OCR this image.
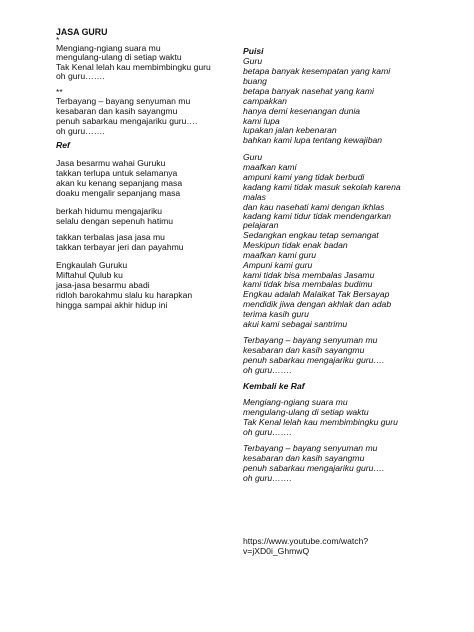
JASA GURU
*
Mengiang-ngiang suara mu
mengulang-ulang di setiap waktu
Tak Kenal lelah kau membimbingku guru
oh guru…….
**
Terbayang – bayang senyuman mu
kesabaran dan kasih sayangmu
penuh sabarkau mengajariku guru….
oh guru…….
Ref
Jasa besarmu wahai Guruku
takkan terlupa untuk selamanya
akan ku kenang sepanjang masa
doaku mengalir sepanjang masa
berkah hidumu mengajariku
selalu dengan sepenuh hatimu
takkan terbalas jasa jasa mu
takkan terbayar jeri dan payahmu
Engkaulah Guruku
Miftahul Qulub ku
jasa-jasa besarmu abadi
ridloh barokahmu slalu ku harapkan
hingga sampai akhir hidup ini
Puisi
Guru
betapa banyak kesempatan yang kami
buang
betapa banyak nasehat yang kami
campakkan
hanya demi kesenangan dunia
kami lupa
lupakan jalan kebenaran
bahkan kami lupa tentang kewajiban
Guru
maafkan kami
ampuni kami yang tidak berbudi
kadang kami tidak masuk sekolah karena
malas
dan kau nasehati kami dengan ikhlas
kadang kami tidur tidak mendengarkan
pelajaran
Sedangkan engkau tetap semangat
Meskipun tidak enak badan
maafkan kami guru
Ampuni kami guru
kami tidak bisa membalas Jasamu
kami tidak bisa membalas budimu
Engkau adalah Malaikat Tak Bersayap
mendidik jiwa dengan akhlak dan adab
terima kasih guru
akui kami sebagai santrimu
Terbayang – bayang senyuman mu
kesabaran dan kasih sayangmu
penuh sabarkau mengajariku guru….
oh guru…….
Kembali ke Raf
Mengiang-ngiang suara mu
mengulang-ulang di setiap waktu
Tak Kenal lelah kau membimbingku guru
oh guru…….
Terbayang – bayang senyuman mu
kesabaran dan kasih sayangmu
penuh sabarkau mengajariku guru….
oh guru…….
https://www.youtube.com/watch?
v=jXD0i_GhmwQ
